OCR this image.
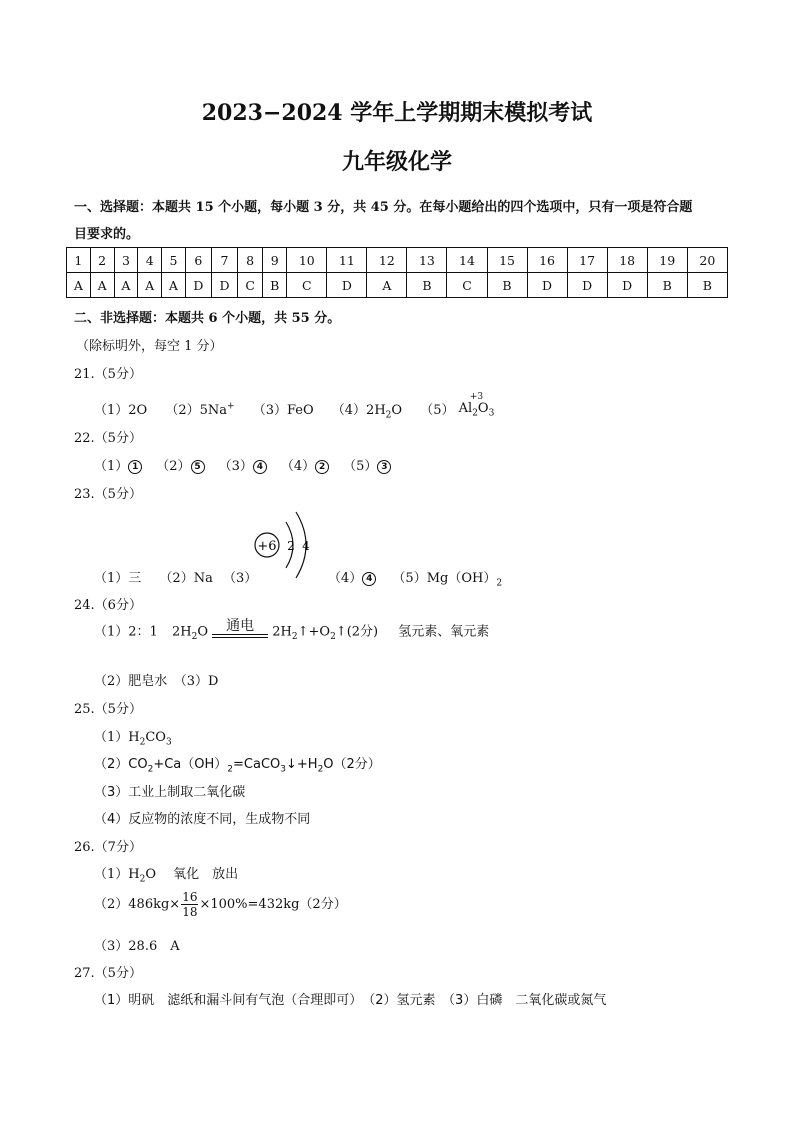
2023−2024 学年上学期期末模拟考试
九年级化学
一、选择题：本题共 15 个小题，每小题 3 分，共 45 分。在每小题给出的四个选项中，只有一项是符合题
目要求的。
1	2	3	4	5	6	7	8	9	10	11	12	13	14	15	16	17	18	19	20
A	A	A	A	A	D	D	C	B	C	D	A	B	C	B	D	D	D	B	B
二、非选择题：本题共 6 个小题，共 55 分。
（除标明外，每空 1 分）
21.（5分）
（1）2O （2）5Na+ （3）FeO $(4)2H_2O$ （5）
+3
$Al_2O_3$
22.（5分）
（1） 1 （2） 5 （3） 4 （4） 2 （5） 3
23.（5分）
+6 2 4
（1）三 （2）Na （3）	（4） 4 $(5)Mg(OH)_2$
24.（6分）
（1）2：1 $2H_2O$	通电	$2H_2↑+O_2↑(2$分) 氢元素、氧元素
（2）肥皂水　（3）D
25.（5分）
$(1)H_2CO_3$
$(2)CO_2+Ca(OH)_2=CaCO_3↓+H_2O(2$分）
（3）工业上制取二氧化碳
（4）反应物的浓度不同，生成物不同
26.（7分）
$(1)H_2O$　 氧化　放出
$(2)486kg\times \frac{16}{18} \times 100\%=432kg(2$分）
（3）28.6　A
27.（5分）
（1）明矾　滤纸和漏斗间有气泡（合理即可）　（2）氢元素　（3）白磷　二氧化碳或氮气
